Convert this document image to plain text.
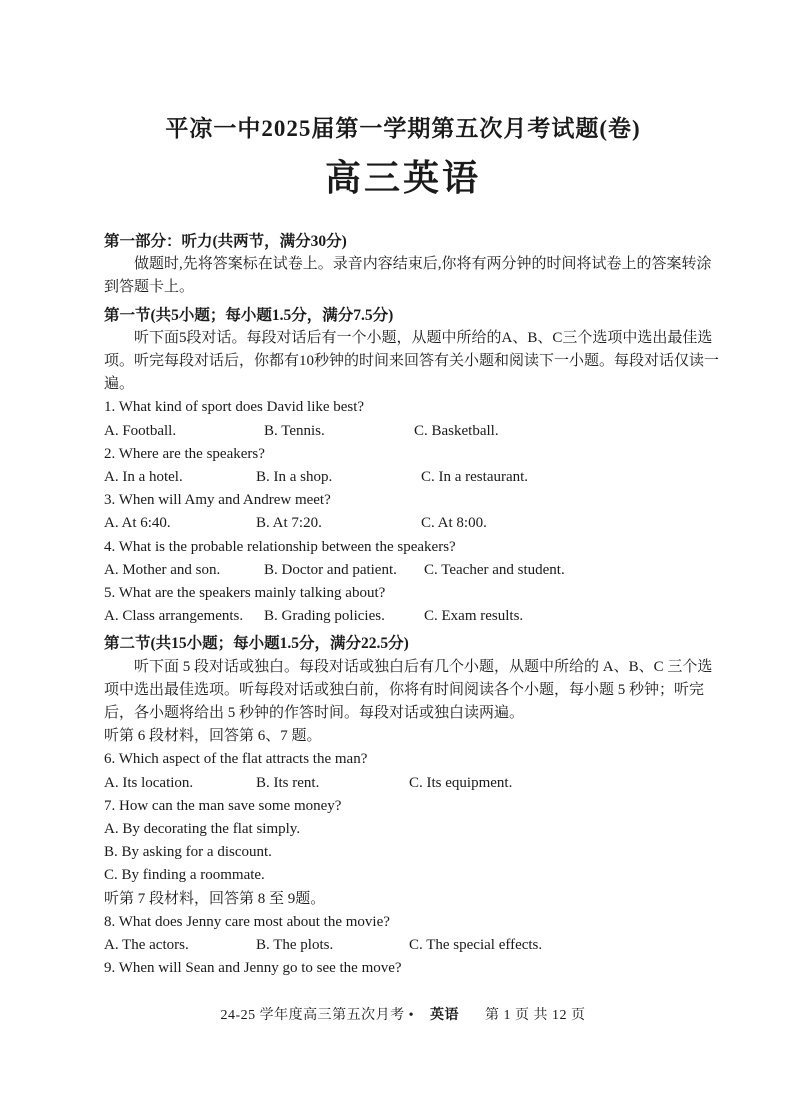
平凉一中2025届第一学期第五次月考试题(卷)
高三英语
第一部分：听力(共两节，满分30分)
做题时,先将答案标在试卷上。录音内容结束后,你将有两分钟的时间将试卷上的答案转涂到答题卡上。
第一节(共5小题；每小题1.5分，满分7.5分)
听下面5段对话。每段对话后有一个小题，从题中所给的A、B、C三个选项中选出最佳选项。听完每段对话后，你都有10秒钟的时间来回答有关小题和阅读下一小题。每段对话仅读一遍。
1. What kind of sport does David like best?
A. Football.	B. Tennis.	C. Basketball.
2. Where are the speakers?
A. In a hotel.	B. In a shop.	C. In a restaurant.
3. When will Amy and Andrew meet?
A. At 6:40.	B. At 7:20.	C. At 8:00.
4. What is the probable relationship between the speakers?
A. Mother and son.	B. Doctor and patient.	C. Teacher and student.
5. What are the speakers mainly talking about?
A. Class arrangements.	B. Grading policies.	C. Exam results.
第二节(共15小题；每小题1.5分，满分22.5分)
听下面 5 段对话或独白。每段对话或独白后有几个小题，从题中所给的 A、B、C 三个选项中选出最佳选项。听每段对话或独白前，你将有时间阅读各个小题，每小题 5 秒钟；听完后，各小题将给出 5 秒钟的作答时间。每段对话或独白读两遍。
听第 6 段材料，回答第 6、7 题。
6. Which aspect of the flat attracts the man?
A. Its location.	B. Its rent.	C. Its equipment.
7. How can the man save some money?
A. By decorating the flat simply.
B. By asking for a discount.
C. By finding a roommate.
听第 7 段材料，回答第 8 至 9题。
8. What does Jenny care most about the movie?
A. The actors.	B. The plots.	C. The special effects.
9. When will Sean and Jenny go to see the move?
24-25 学年度高三第五次月考 • 英语 第 1 页 共 12 页
